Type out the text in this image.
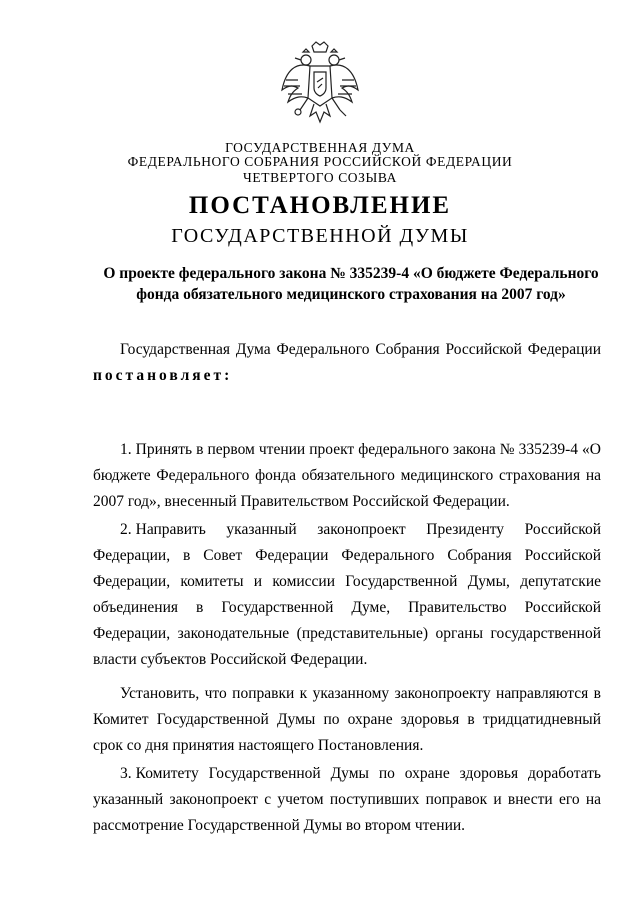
ГОСУДАРСТВЕННАЯ ДУМА
ФЕДЕРАЛЬНОГО СОБРАНИЯ РОССИЙСКОЙ ФЕДЕРАЦИИ
ЧЕТВЕРТОГО СОЗЫВА
ПОСТАНОВЛЕНИЕ
ГОСУДАРСТВЕННОЙ ДУМЫ
О проекте федерального закона № 335239-4 «О бюджете Федерального фонда обязательного медицинского страхования на 2007 год»
Государственная Дума Федерального Собрания Российской Федерации постановляет:
1. Принять в первом чтении проект федерального закона № 335239-4 «О бюджете Федерального фонда обязательного медицинского страхования на 2007 год», внесенный Правительством Российской Федерации.
2. Направить указанный законопроект Президенту Российской Федерации, в Совет Федерации Федерального Собрания Российской Федерации, комитеты и комиссии Государственной Думы, депутатские объединения в Государственной Думе, Правительство Российской Федерации, законодательные (представительные) органы государственной власти субъектов Российской Федерации.
Установить, что поправки к указанному законопроекту направляются в Комитет Государственной Думы по охране здоровья в тридцатидневный срок со дня принятия настоящего Постановления.
3. Комитету Государственной Думы по охране здоровья доработать указанный законопроект с учетом поступивших поправок и внести его на рассмотрение Государственной Думы во втором чтении.
